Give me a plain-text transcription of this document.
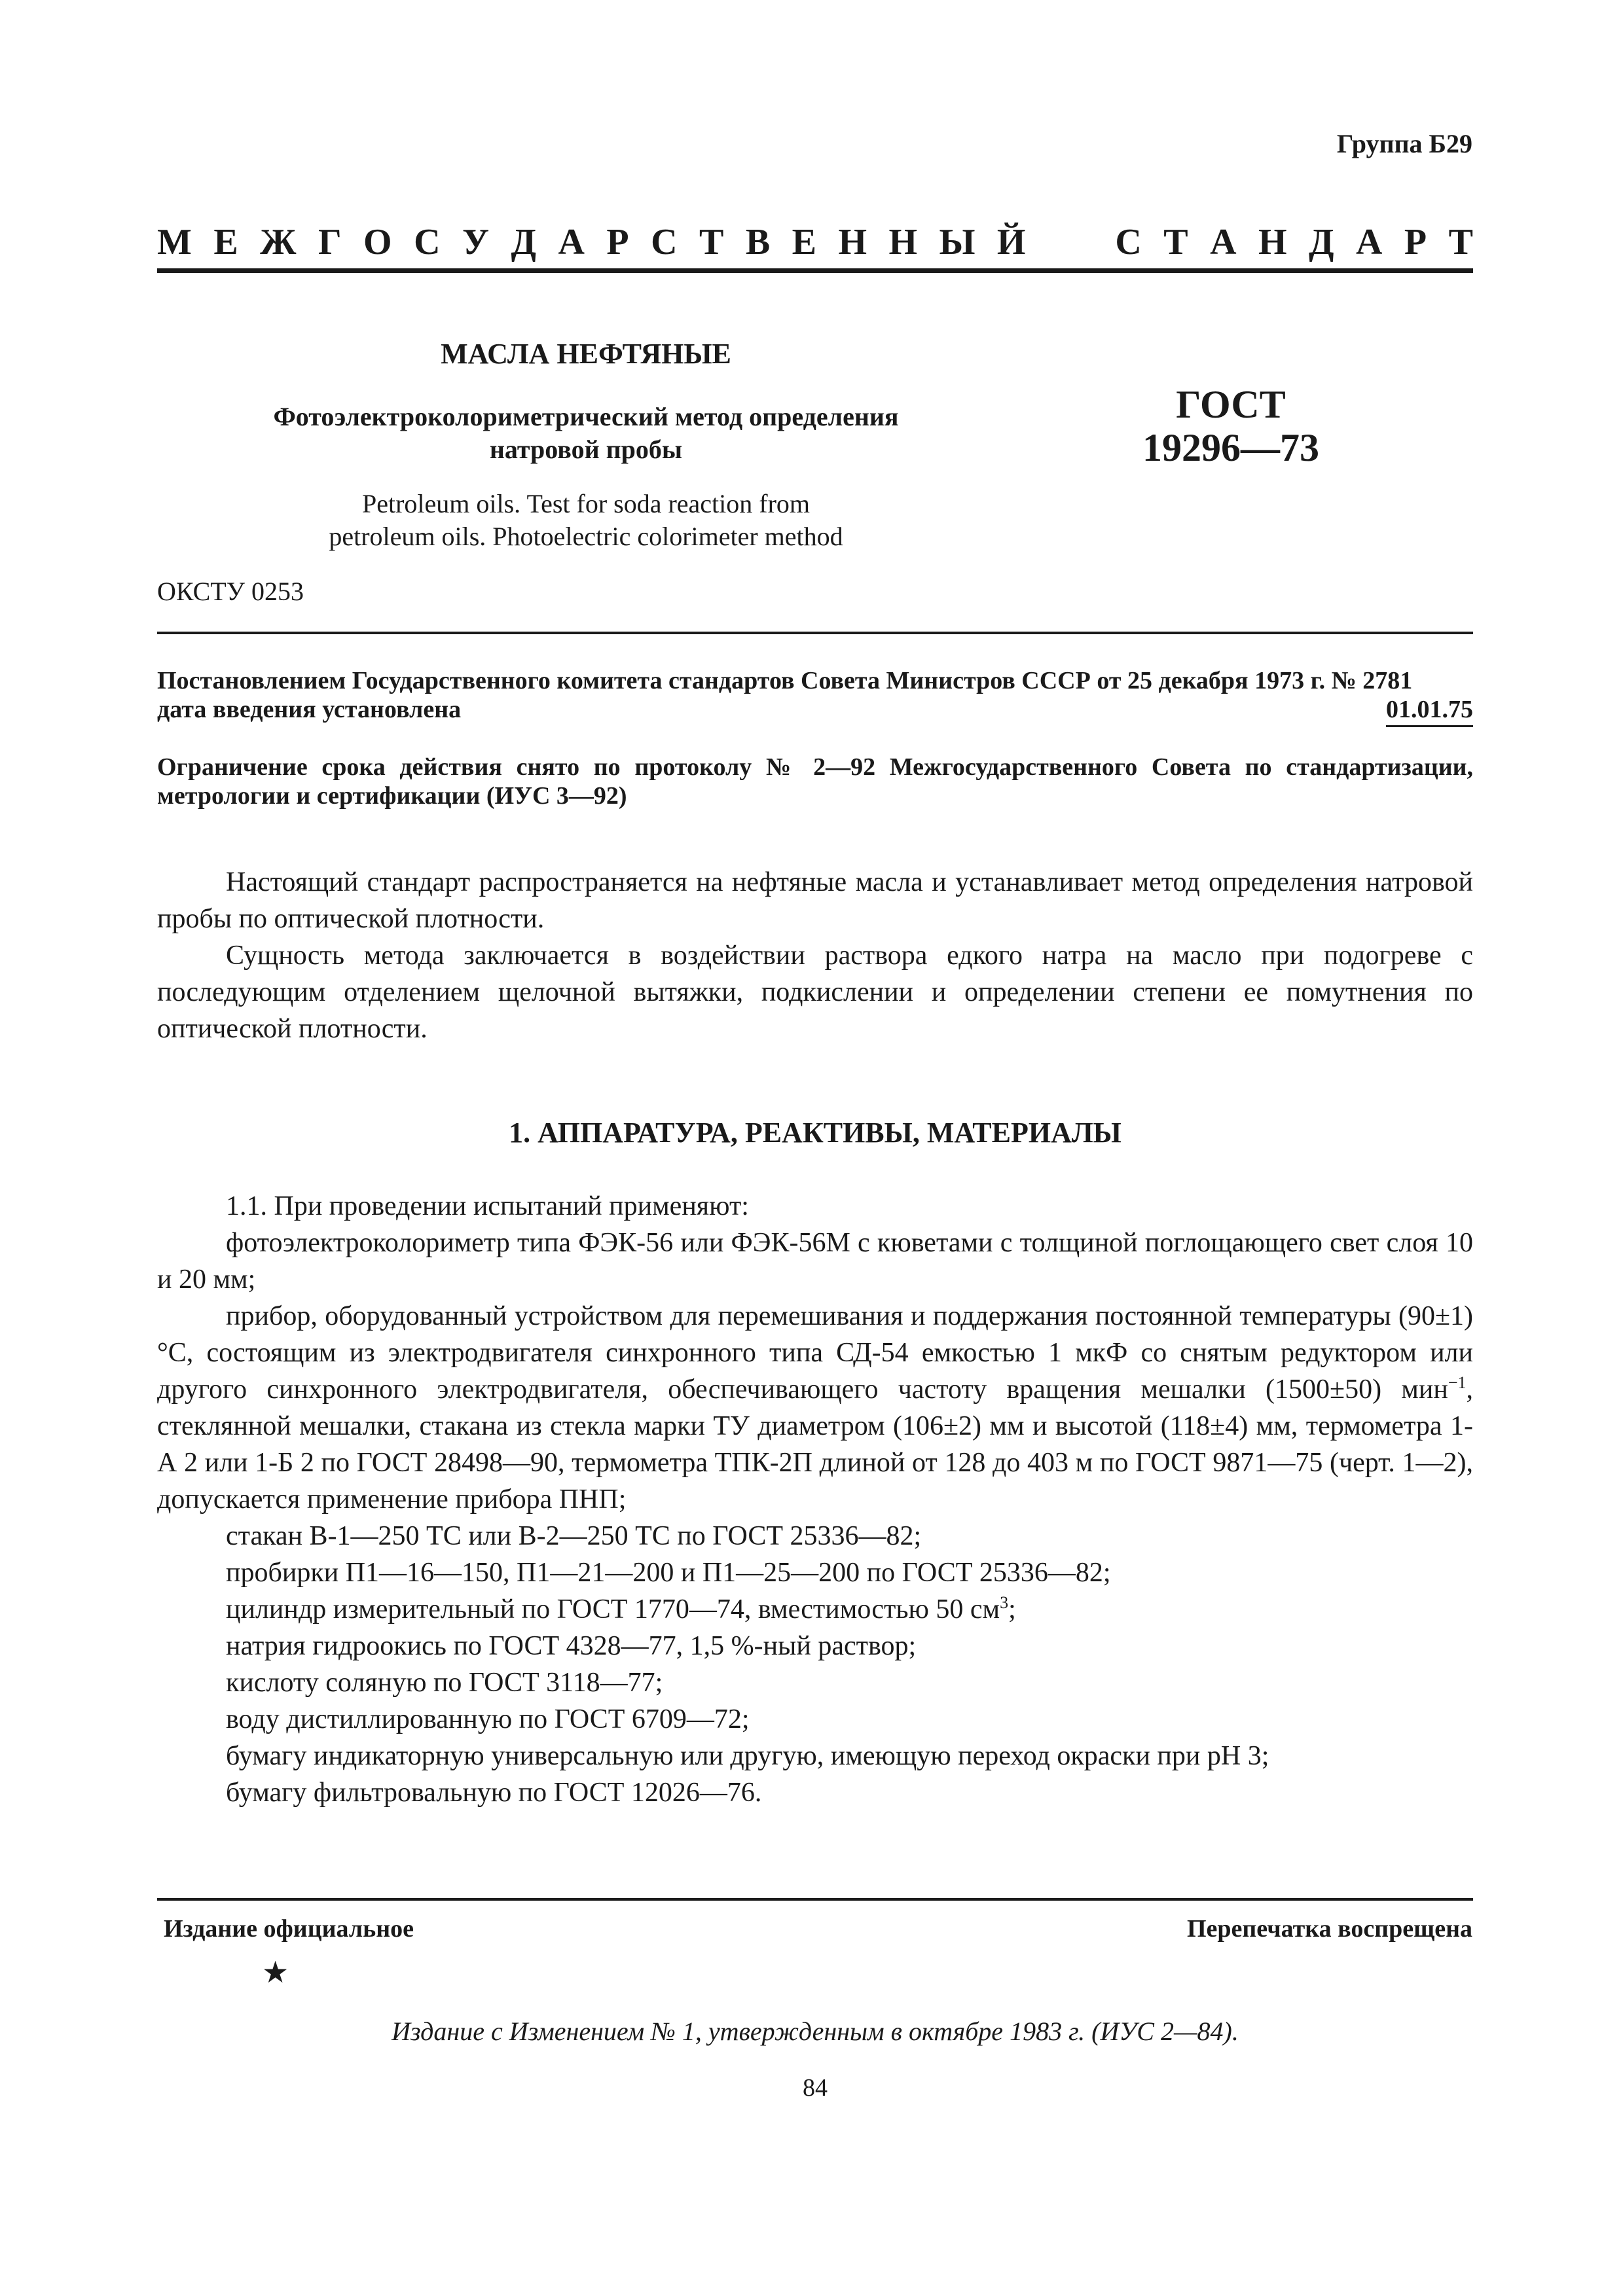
Группа Б29
М Е Ж Г О С У Д А Р С Т В Е Н Н Ы Й С Т А Н Д А Р Т
МАСЛА НЕФТЯНЫЕ
Фотоэлектроколориметрический метод определения
натровой пробы
Petroleum oils. Test for soda reaction from
petroleum oils. Photoelectric colorimeter method
ГОСТ
19296—73
ОКСТУ 0253
Постановлением Государственного комитета стандартов Совета Министров СССР от 25 декабря 1973 г. № 2781
дата введения установлена	01.01.75
Ограничение срока действия снято по протоколу № 2—92 Межгосударственного Совета по стандартизации, метрологии и сертификации (ИУС 3—92)

Настоящий стандарт распространяется на нефтяные масла и устанавливает метод определения натровой пробы по оптической плотности.

Сущность метода заключается в воздействии раствора едкого натра на масло при подогреве с последующим отделением щелочной вытяжки, подкислении и определении степени ее помутнения по оптической плотности.

1. АППАРАТУРА, РЕАКТИВЫ, МАТЕРИАЛЫ

1.1. При проведении испытаний применяют:

фотоэлектроколориметр типа ФЭК-56 или ФЭК-56М с кюветами с толщиной поглощающего свет слоя 10 и 20 мм;

прибор, оборудованный устройством для перемешивания и поддержания постоянной температуры (90±1) °С, состоящим из электродвигателя синхронного типа СД-54 емкостью 1 мкФ со снятым редуктором или другого синхронного электродвигателя, обеспечивающего частоту вращения мешалки (1500±50) мин$^{-1}$, стеклянной мешалки, стакана из стекла марки ТУ диаметром (106±2) мм и высотой (118±4) мм, термометра 1-А 2 или 1-Б 2 по ГОСТ 28498—90, термометра ТПК-2П длиной от 128 до 403 м по ГОСТ 9871—75 (черт. 1—2), допускается применение прибора ПНП;

стакан В-1—250 ТС или В-2—250 ТС по ГОСТ 25336—82;

пробирки П1—16—150, П1—21—200 и П1—25—200 по ГОСТ 25336—82;

цилиндр измерительный по ГОСТ 1770—74, вместимостью 50 $см^3$;

натрия гидроокись по ГОСТ 4328—77, 1,5 %-ный раствор;

кислоту соляную по ГОСТ 3118—77;

воду дистиллированную по ГОСТ 6709—72;

бумагу индикаторную универсальную или другую, имеющую переход окраски при pH 3;

бумагу фильтровальную по ГОСТ 12026—76.

Издание официальное	Перепечатка воспрещена
★
Издание с Изменением № 1, утвержденным в октябре 1983 г. (ИУС 2—84).
84
